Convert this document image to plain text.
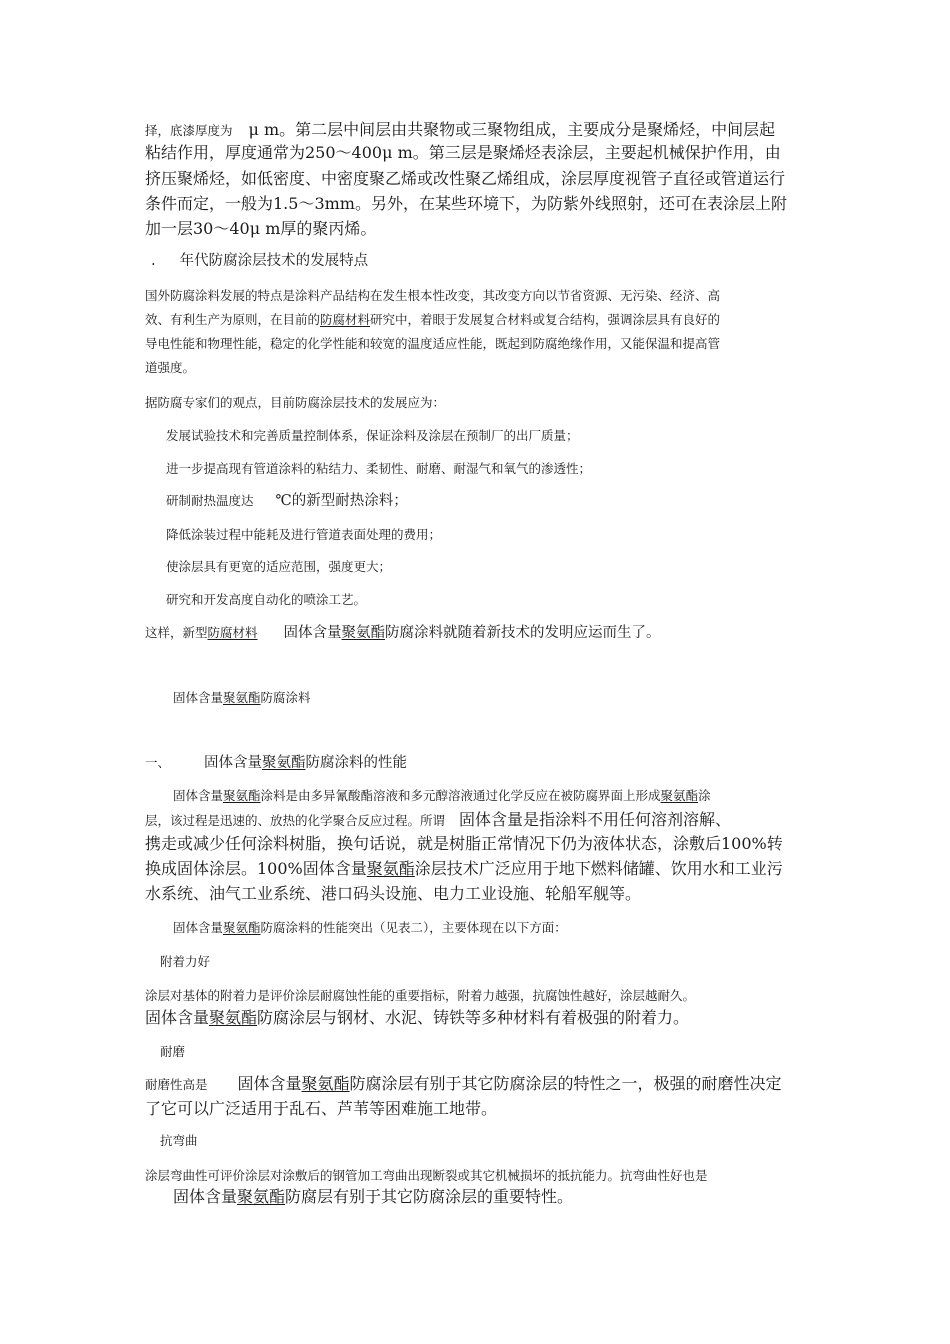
择，底漆厚度为 μ m。第二层中间层由共聚物或三聚物组成，主要成分是聚烯烃，中间层起
粘结作用，厚度通常为250～400μ m。第三层是聚烯烃表涂层，主要起机械保护作用，由
挤压聚烯烃，如低密度、中密度聚乙烯或改性聚乙烯组成，涂层厚度视管子直径或管道运行
条件而定，一般为1.5～3mm。另外，在某些环境下，为防紫外线照射，还可在表涂层上附
加一层30～40μ m厚的聚丙烯。
. 年代防腐涂层技术的发展特点
国外防腐涂料发展的特点是涂料产品结构在发生根本性改变，其改变方向以节省资源、无污染、经济、高
效、有利生产为原则，在目前的防腐材料研究中，着眼于发展复合材料或复合结构，强调涂层具有良好的
导电性能和物理性能，稳定的化学性能和较宽的温度适应性能，既起到防腐绝缘作用，又能保温和提高管
道强度。
据防腐专家们的观点，目前防腐涂层技术的发展应为：
发展试验技术和完善质量控制体系，保证涂料及涂层在预制厂的出厂质量；
进一步提高现有管道涂料的粘结力、柔韧性、耐磨、耐湿气和氧气的渗透性；
研制耐热温度达 ℃的新型耐热涂料；
降低涂装过程中能耗及进行管道表面处理的费用；
使涂层具有更宽的适应范围，强度更大；
研究和开发高度自动化的喷涂工艺。
这样，新型防腐材料 固体含量聚氨酯防腐涂料就随着新技术的发明应运而生了。
固体含量聚氨酯防腐涂料
一、 固体含量聚氨酯防腐涂料的性能
固体含量聚氨酯涂料是由多异氰酸酯溶液和多元醇溶液通过化学反应在被防腐界面上形成聚氨酯涂
层，该过程是迅速的、放热的化学聚合反应过程。所谓 固体含量是指涂料不用任何溶剂溶解、
携走或减少任何涂料树脂，换句话说，就是树脂正常情况下仍为液体状态，涂敷后100%转
换成固体涂层。100%固体含量聚氨酯涂层技术广泛应用于地下燃料储罐、饮用水和工业污
水系统、油气工业系统、港口码头设施、电力工业设施、轮船军舰等。
固体含量聚氨酯防腐涂料的性能突出（见表二），主要体现在以下方面：
附着力好
涂层对基体的附着力是评价涂层耐腐蚀性能的重要指标，附着力越强，抗腐蚀性越好，涂层越耐久。
固体含量聚氨酯防腐涂层与钢材、水泥、铸铁等多种材料有着极强的附着力。
耐磨
耐磨性高是 固体含量聚氨酯防腐涂层有别于其它防腐涂层的特性之一，极强的耐磨性决定
了它可以广泛适用于乱石、芦苇等困难施工地带。
抗弯曲
涂层弯曲性可评价涂层对涂敷后的钢管加工弯曲出现断裂或其它机械损坏的抵抗能力。抗弯曲性好也是
固体含量聚氨酯防腐层有别于其它防腐涂层的重要特性。
